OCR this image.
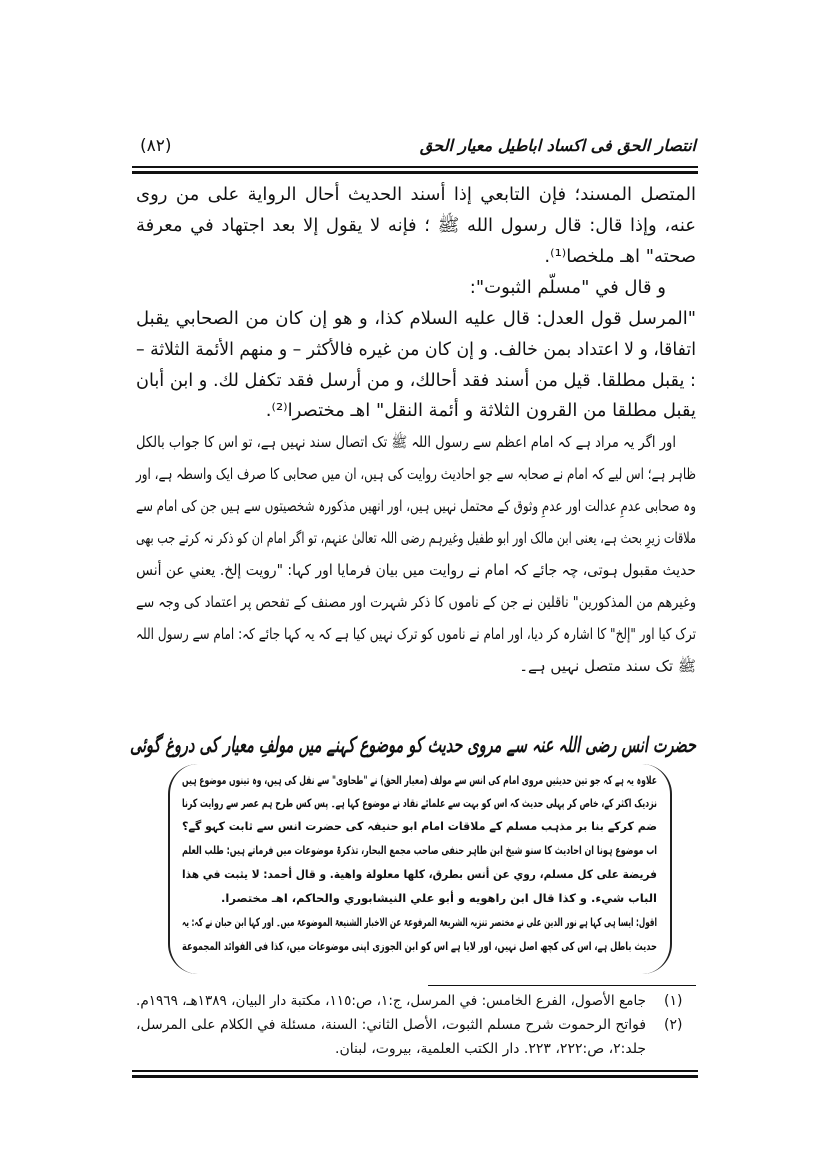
انتصار الحق فی اکساد اباطیل معیار الحق
(۸۲)
المتصل المسند؛ فإن التابعي إذا أسند الحديث أحال الرواية على من روى
عنه، وإذا قال: قال رسول الله ﷺ ؛ فإنه لا يقول إلا بعد اجتهاد في معرفة
صحته" اهـ ملخصا⁽¹⁾.
و قال في "مسلّم الثبوت":
"المرسل قول العدل: قال عليه السلام كذا، و هو إن كان من الصحابي يقبل
اتفاقا، و لا اعتداد بمن خالف. و إن كان من غيره فالأكثر – و منهم الأئمة الثلاثة –
: يقبل مطلقا. قيل من أسند فقد أحالك، و من أرسل فقد تكفل لك. و ابن أبان
يقبل مطلقا من القرون الثلاثة و أئمة النقل" اهـ مختصرا⁽²⁾.
اور اگر یہ مراد ہے کہ امام اعظم سے رسول اللہ ﷺ تک اتصال سند نہیں ہے، تو اس کا جواب بالکل
ظاہر ہے؛ اس لیے کہ امام نے صحابہ سے جو احادیث روایت کی ہیں، ان میں صحابی کا صرف ایک واسطہ ہے، اور
وہ صحابی عدمِ عدالت اور عدمِ وثوق کے محتمل نہیں ہیں، اور انھیں مذکورہ شخصیتوں سے ہیں جن کی امام سے
ملاقات زیرِ بحث ہے، یعنی ابن مالک اور ابو طفیل وغیرہم رضی اللہ تعالیٰ عنہم، تو اگر امام ان کو ذکر نہ کرتے جب بھی
حدیث مقبول ہوتی، چہ جائے کہ امام نے روایت میں بیان فرمایا اور کہا: "رویت إلخ. یعني عن أنس
وغیرهم من المذکورین" ناقلین نے جن کے ناموں کا ذکر شہرت اور مصنف کے تفحص پر اعتماد کی وجہ سے
ترک کیا اور "إلخ" کا اشارہ کر دیا، اور امام نے ناموں کو ترک نہیں کیا ہے کہ یہ کہا جائے کہ: امام سے رسول اللہ
ﷺ تک سند متصل نہیں ہے۔
حضرت انس رضی اللہ عنہ سے مروی حدیث کو موضوع کہنے میں مولفِ معیار کی دروغ گوئی
علاوہ یہ ہے کہ جو تین حدیثیں مروی امام کی انس سے مولف (معیار الحق) نے "طحاوی" سے نقل کی ہیں، وہ تینوں موضوع ہیں
نزدیک اکثر کے، خاص کر پہلی حدیث کہ اس کو بہت سے علمائے نقاد نے موضوع کہا ہے۔ پس کس طرح ہم عصر سے روایت کرنا
ضم کرکے بنا بر مذہب مسلم کے ملاقات امام ابو حنیفہ کی حضرت انس سے ثابت کہو گے؟
اب موضوع ہونا ان احادیث کا سنو شیخ ابن طاہر حنفی صاحب مجمع البحار، تذکرۃ موضوعات میں فرماتے ہیں: طلب العلم
فريضة على كل مسلم، روي عن أنس بطرق، كلها معلولة واهية. و قال أحمد: لا يثبت في هذا
الباب شيء. و كذا قال ابن راهويه و أبو علي النيشابوري والحاكم، اهـ مختصرا.
اقول: ایسا ہی کہا ہے نور الدین علی نے مختصر تنزیہ الشریعۃ المرفوعۃ عن الاخبار الشنیعۃ الموضوعۃ میں۔ اور کہا ابن حبان نے کہ: یہ
حدیث باطل ہے، اس کی کچھ اصل نہیں، اور لایا ہے اس کو ابن الجوزی اپنی موضوعات میں، کذا فی الفوائد المجموعة
(١)
جامع الأصول، الفرع الخامس: في المرسل، ج:١، ص:١١٥، مكتبة دار البيان، ١٣٨٩هـ، ١٩٦٩م.
(٢)
فواتح الرحموت شرح مسلم الثبوت، الأصل الثاني: السنة، مسئلة في الكلام على المرسل،
جلد:٢، ص:٢٢٢، ٢٢٣. دار الكتب العلمية، بيروت، لبنان.
